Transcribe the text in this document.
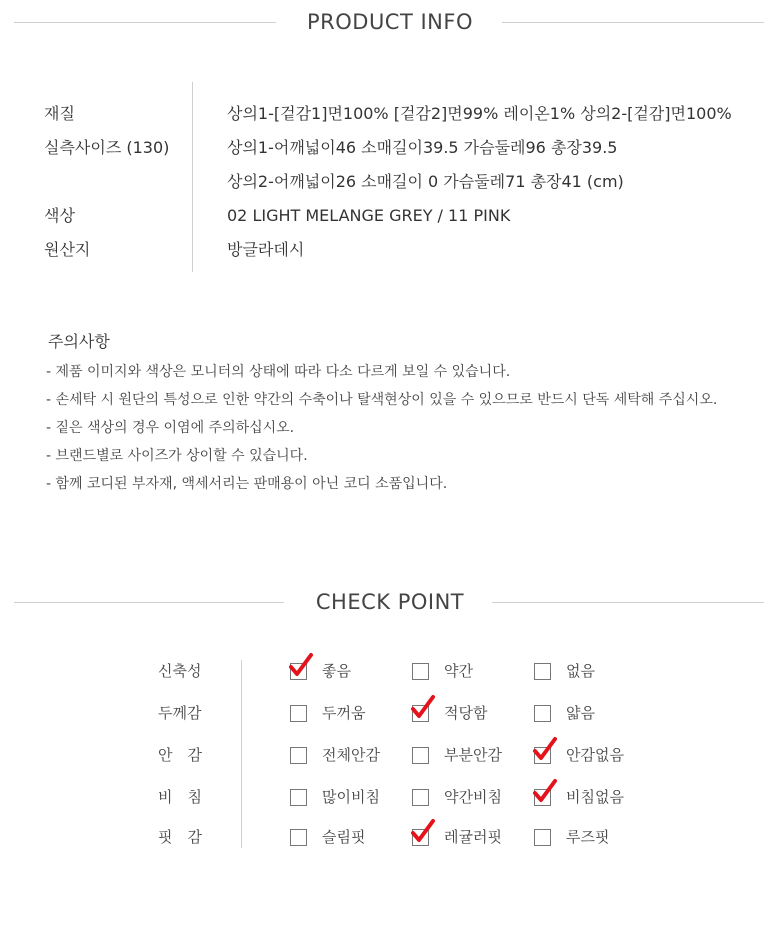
PRODUCT INFO
재질	상의1-[겉감1]면100% [겉감2]면99% 레이온1% 상의2-[겉감]면100%
실측사이즈 (130)	상의1-어깨넓이46 소매길이39.5 가슴둘레96 총장39.5
상의2-어깨넓이26 소매길이 0 가슴둘레71 총장41 (cm)
색상	02 LIGHT MELANGE GREY / 11 PINK
원산지	방글라데시
주의사항
- 제품 이미지와 색상은 모니터의 상태에 따라 다소 다르게 보일 수 있습니다.
- 손세탁 시 원단의 특성으로 인한 약간의 수축이나 탈색현상이 있을 수 있으므로 반드시 단독 세탁해 주십시오.
- 짙은 색상의 경우 이염에 주의하십시오.
- 브랜드별로 사이즈가 상이할 수 있습니다.
- 함께 코디된 부자재, 액세서리는 판매용이 아닌 코디 소품입니다.
CHECK POINT
신축성	좋음	약간	없음
두께감	두꺼움	적당함	얇음
안　감	전체안감	부분안감	안감없음
비　침	많이비침	약간비침	비침없음
핏　감	슬림핏	레귤러핏	루즈핏
